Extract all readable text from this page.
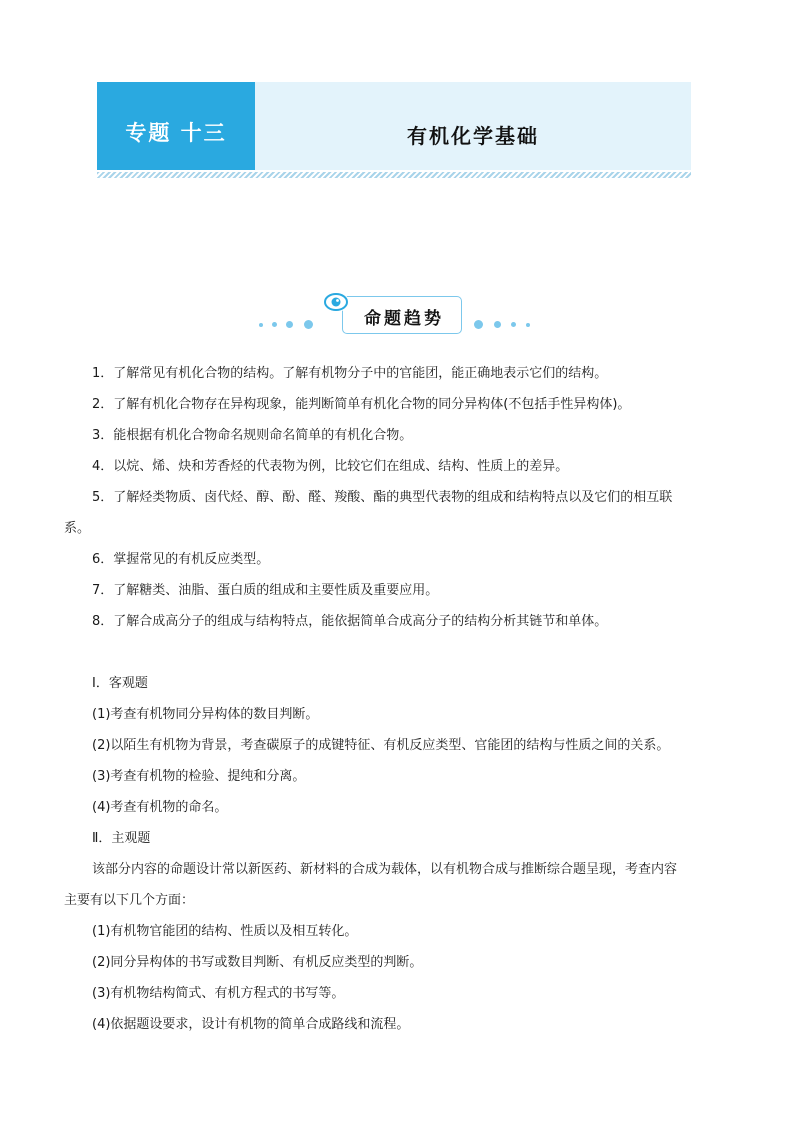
专题 十三	有机化学基础
命题趋势

1．了解常见有机化合物的结构。了解有机物分子中的官能团，能正确地表示它们的结构。

2．了解有机化合物存在异构现象，能判断简单有机化合物的同分异构体(不包括手性异构体)。

3．能根据有机化合物命名规则命名简单的有机化合物。

4．以烷、烯、炔和芳香烃的代表物为例，比较它们在组成、结构、性质上的差异。

5．了解烃类物质、卤代烃、醇、酚、醛、羧酸、酯的典型代表物的组成和结构特点以及它们的相互联

系。

6．掌握常见的有机反应类型。

7．了解糖类、油脂、蛋白质的组成和主要性质及重要应用。

8．了解合成高分子的组成与结构特点，能依据简单合成高分子的结构分析其链节和单体。

Ⅰ．客观题

(1)考查有机物同分异构体的数目判断。

(2)以陌生有机物为背景，考查碳原子的成键特征、有机反应类型、官能团的结构与性质之间的关系。

(3)考查有机物的检验、提纯和分离。

(4)考查有机物的命名。

Ⅱ．主观题

该部分内容的命题设计常以新医药、新材料的合成为载体，以有机物合成与推断综合题呈现，考查内容

主要有以下几个方面：

(1)有机物官能团的结构、性质以及相互转化。

(2)同分异构体的书写或数目判断、有机反应类型的判断。

(3)有机物结构简式、有机方程式的书写等。

(4)依据题设要求，设计有机物的简单合成路线和流程。
